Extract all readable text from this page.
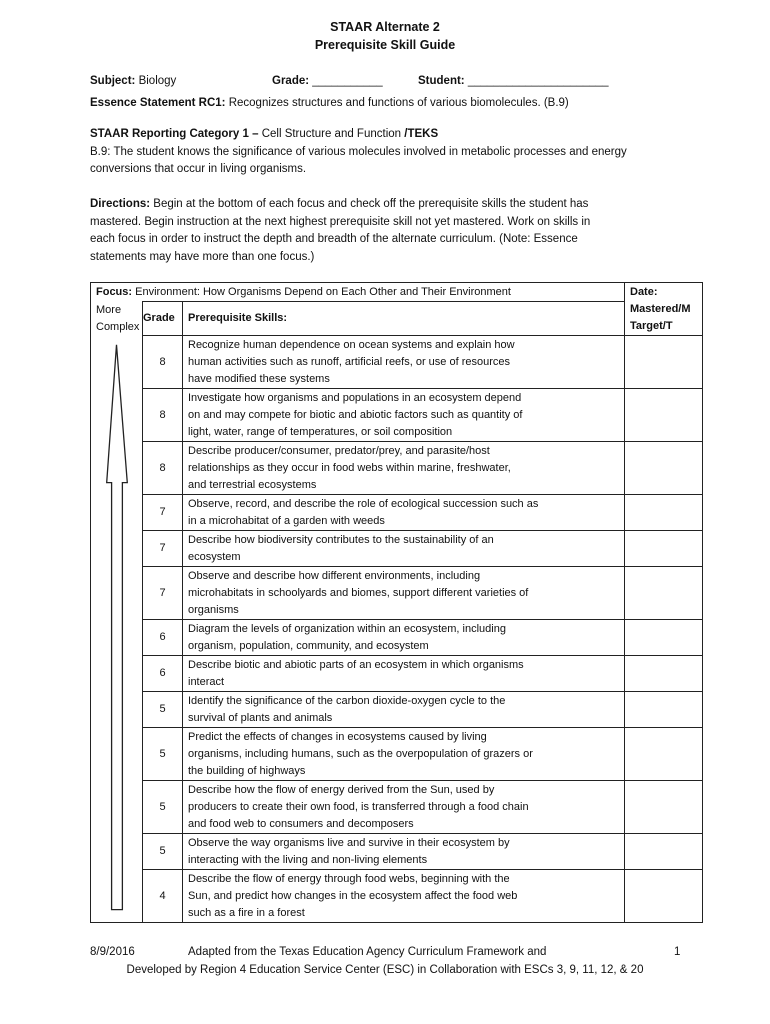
STAAR Alternate 2
Prerequisite Skill Guide
Subject: Biology	Grade: ___________	Student: ______________________
Essence Statement RC1: Recognizes structures and functions of various biomolecules. (B.9)
STAAR Reporting Category 1 – Cell Structure and Function /TEKS
B.9: The student knows the significance of various molecules involved in metabolic processes and energy
conversions that occur in living organisms.
Directions: Begin at the bottom of each focus and check off the prerequisite skills the student has
mastered. Begin instruction at the next highest prerequisite skill not yet mastered. Work on skills in
each focus in order to instruct the depth and breadth of the alternate curriculum. (Note: Essence
statements may have more than one focus.)
Focus: Environment: How Organisms Depend on Each Other and Their Environment			Date:
Mastered/M
Target/T

More
Complex	Grade	Prerequisite Skills:	

	8	Recognize human dependence on ocean systems and explain how
human activities such as runoff, artificial reefs, or use of resources
have modified these systems	

	8	Investigate how organisms and populations in an ecosystem depend
on and may compete for biotic and abiotic factors such as quantity of
light, water, range of temperatures, or soil composition	

	8	Describe producer/consumer, predator/prey, and parasite/host
relationships as they occur in food webs within marine, freshwater,
and terrestrial ecosystems	

	7	Observe, record, and describe the role of ecological succession such as
in a microhabitat of a garden with weeds	

	7	Describe how biodiversity contributes to the sustainability of an
ecosystem	

	7	Observe and describe how different environments, including
microhabitats in schoolyards and biomes, support different varieties of
organisms	

	6	Diagram the levels of organization within an ecosystem, including
organism, population, community, and ecosystem	

	6	Describe biotic and abiotic parts of an ecosystem in which organisms
interact	

	5	Identify the significance of the carbon dioxide-oxygen cycle to the
survival of plants and animals	

	5	Predict the effects of changes in ecosystems caused by living
organisms, including humans, such as the overpopulation of grazers or
the building of highways	

	5	Describe how the flow of energy derived from the Sun, used by
producers to create their own food, is transferred through a food chain
and food web to consumers and decomposers	

	5	Observe the way organisms live and survive in their ecosystem by
interacting with the living and non-living elements	

	4	Describe the flow of energy through food webs, beginning with the
Sun, and predict how changes in the ecosystem affect the food web
such as a fire in a forest	

8/9/2016	Adapted from the Texas Education Agency Curriculum Framework and	1
Developed by Region 4 Education Service Center (ESC) in Collaboration with ESCs 3, 9, 11, 12, & 20
